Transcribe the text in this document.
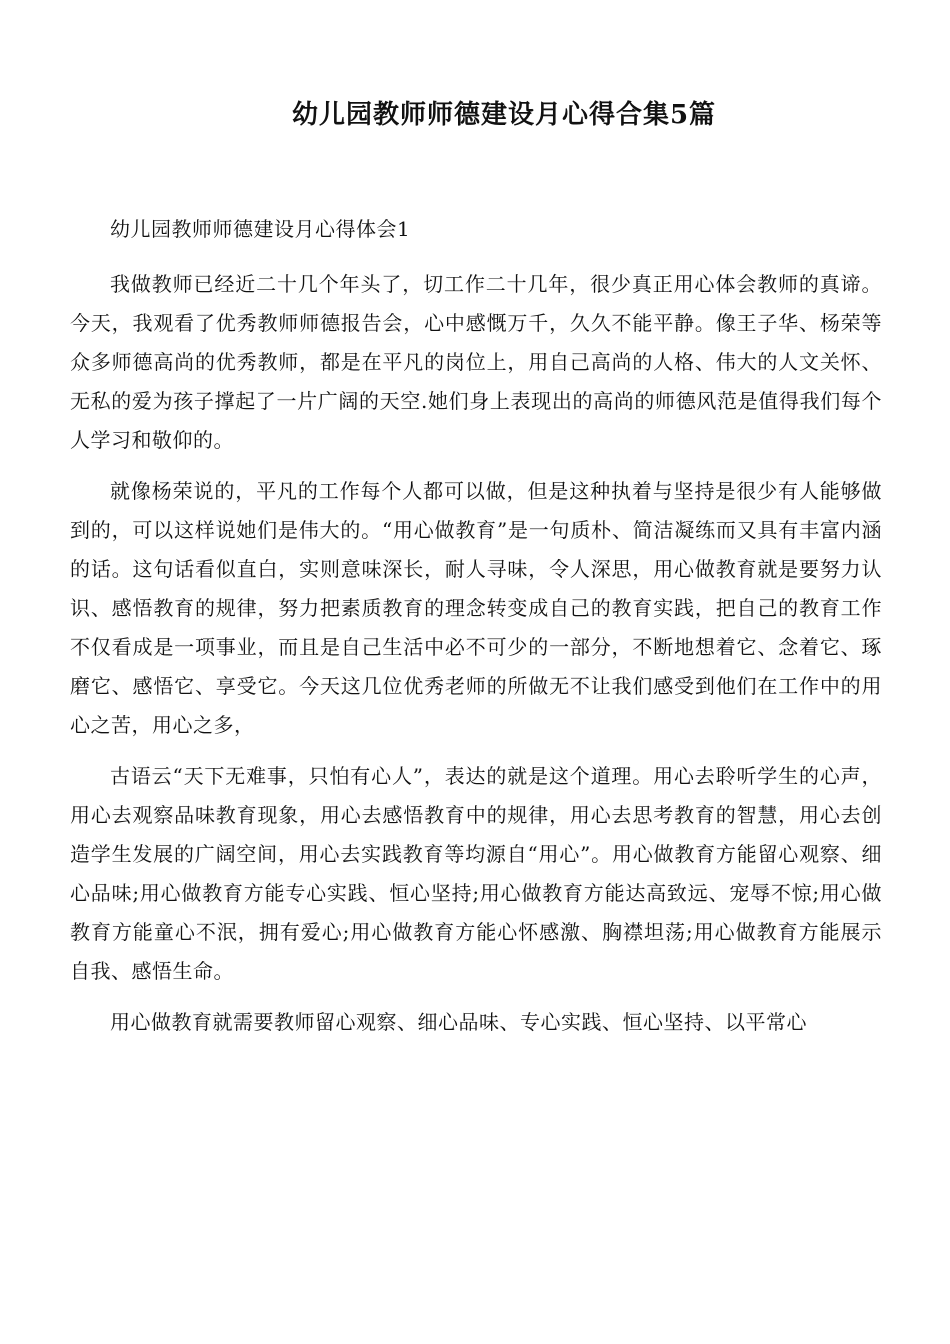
幼儿园教师师德建设月心得合集5篇

幼儿园教师师德建设月心得体会1

我做教师已经近二十几个年头了，切工作二十几年，很少真正用心体会教师的真谛。今天，我观看了优秀教师师德报告会，心中感慨万千，久久不能平静。像王子华、杨荣等众多师德高尚的优秀教师，都是在平凡的岗位上，用自己高尚的人格、伟大的人文关怀、无私的爱为孩子撑起了一片广阔的天空.她们身上表现出的高尚的师德风范是值得我们每个人学习和敬仰的。

就像杨荣说的，平凡的工作每个人都可以做，但是这种执着与坚持是很少有人能够做到的，可以这样说她们是伟大的。“用心做教育”是一句质朴、简洁凝练而又具有丰富内涵的话。这句话看似直白，实则意味深长，耐人寻味，令人深思，用心做教育就是要努力认识、感悟教育的规律，努力把素质教育的理念转变成自己的教育实践，把自己的教育工作不仅看成是一项事业，而且是自己生活中必不可少的一部分，不断地想着它、念着它、琢磨它、感悟它、享受它。今天这几位优秀老师的所做无不让我们感受到他们在工作中的用心之苦，用心之多，

古语云“天下无难事，只怕有心人”，表达的就是这个道理。用心去聆听学生的心声，用心去观察品味教育现象，用心去感悟教育中的规律，用心去思考教育的智慧，用心去创造学生发展的广阔空间，用心去实践教育等均源自“用心”。用心做教育方能留心观察、细心品味;用心做教育方能专心实践、恒心坚持;用心做教育方能达高致远、宠辱不惊;用心做教育方能童心不泯，拥有爱心;用心做教育方能心怀感激、胸襟坦荡;用心做教育方能展示自我、感悟生命。

用心做教育就需要教师留心观察、细心品味、专心实践、恒心坚持、以平常心
